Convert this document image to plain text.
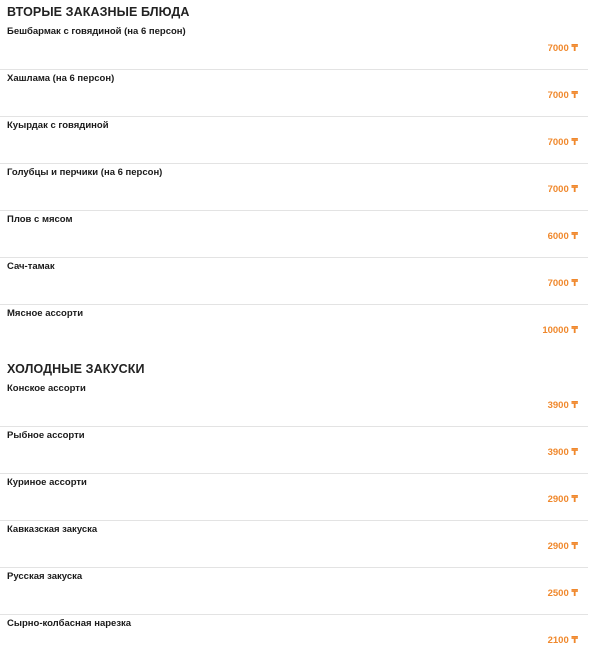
ВТОРЫЕ ЗАКАЗНЫЕ БЛЮДА
Бешбармак с говядиной (на 6 персон)
7000 ₸
Хашлама (на 6 персон)
7000 ₸
Куырдак с говядиной
7000 ₸
Голубцы и перчики (на 6 персон)
7000 ₸
Плов с мясом
6000 ₸
Сач-тамак
7000 ₸
Мясное ассорти
10000 ₸
ХОЛОДНЫЕ ЗАКУСКИ
Конское ассорти
3900 ₸
Рыбное ассорти
3900 ₸
Куриное ассорти
2900 ₸
Кавказская закуска
2900 ₸
Русская закуска
2500 ₸
Сырно-колбасная нарезка
2100 ₸
